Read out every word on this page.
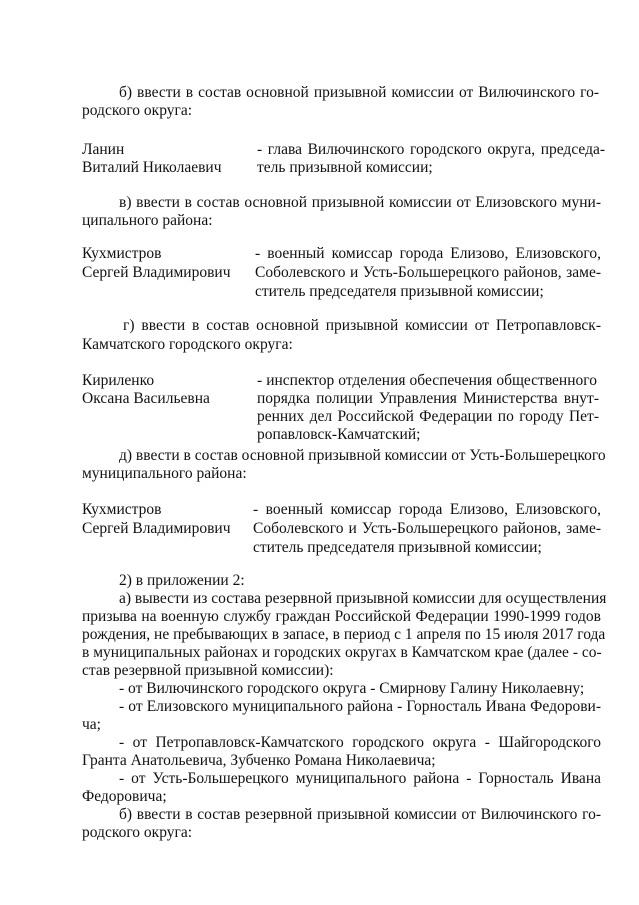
б) ввести в состав основной призывной комиссии от Вилючинского го-
родского округа:
Ланин
Виталий Николаевич
- глава Вилючинского городского округа, председа-
тель призывной комиссии;
в) ввести в состав основной призывной комиссии от Елизовского муни-
ципального района:
Кухмистров
Сергей Владимирович
- военный комиссар города Елизово, Елизовского,
Соболевского и Усть-Большерецкого районов, заме-
ститель председателя призывной комиссии;
г) ввести в состав основной призывной комиссии от Петропавловск-
Камчатского городского округа:
Кириленко
Оксана Васильевна
- инспектор отделения обеспечения общественного
порядка полиции Управления Министерства внут-
ренних дел Российской Федерации по городу Пет-
ропавловск-Камчатский;
д) ввести в состав основной призывной комиссии от Усть-Большерецкого
муниципального района:
Кухмистров
Сергей Владимирович
- военный комиссар города Елизово, Елизовского,
Соболевского и Усть-Большерецкого районов, заме-
ститель председателя призывной комиссии;
2) в приложении 2:
а) вывести из состава резервной призывной комиссии для осуществления
призыва на военную службу граждан Российской Федерации 1990-1999 годов
рождения, не пребывающих в запасе, в период с 1 апреля по 15 июля 2017 года
в муниципальных районах и городских округах в Камчатском крае (далее - со-
став резервной призывной комиссии):
- от Вилючинского городского округа - Смирнову Галину Николаевну;
- от Елизовского муниципального района - Горносталь Ивана Федорови-
ча;
- от Петропавловск-Камчатского городского округа - Шайгородского
Гранта Анатольевича, Зубченко Романа Николаевича;
- от Усть-Большерецкого муниципального района - Горносталь Ивана
Федоровича;
б) ввести в состав резервной призывной комиссии от Вилючинского го-
родского округа:
